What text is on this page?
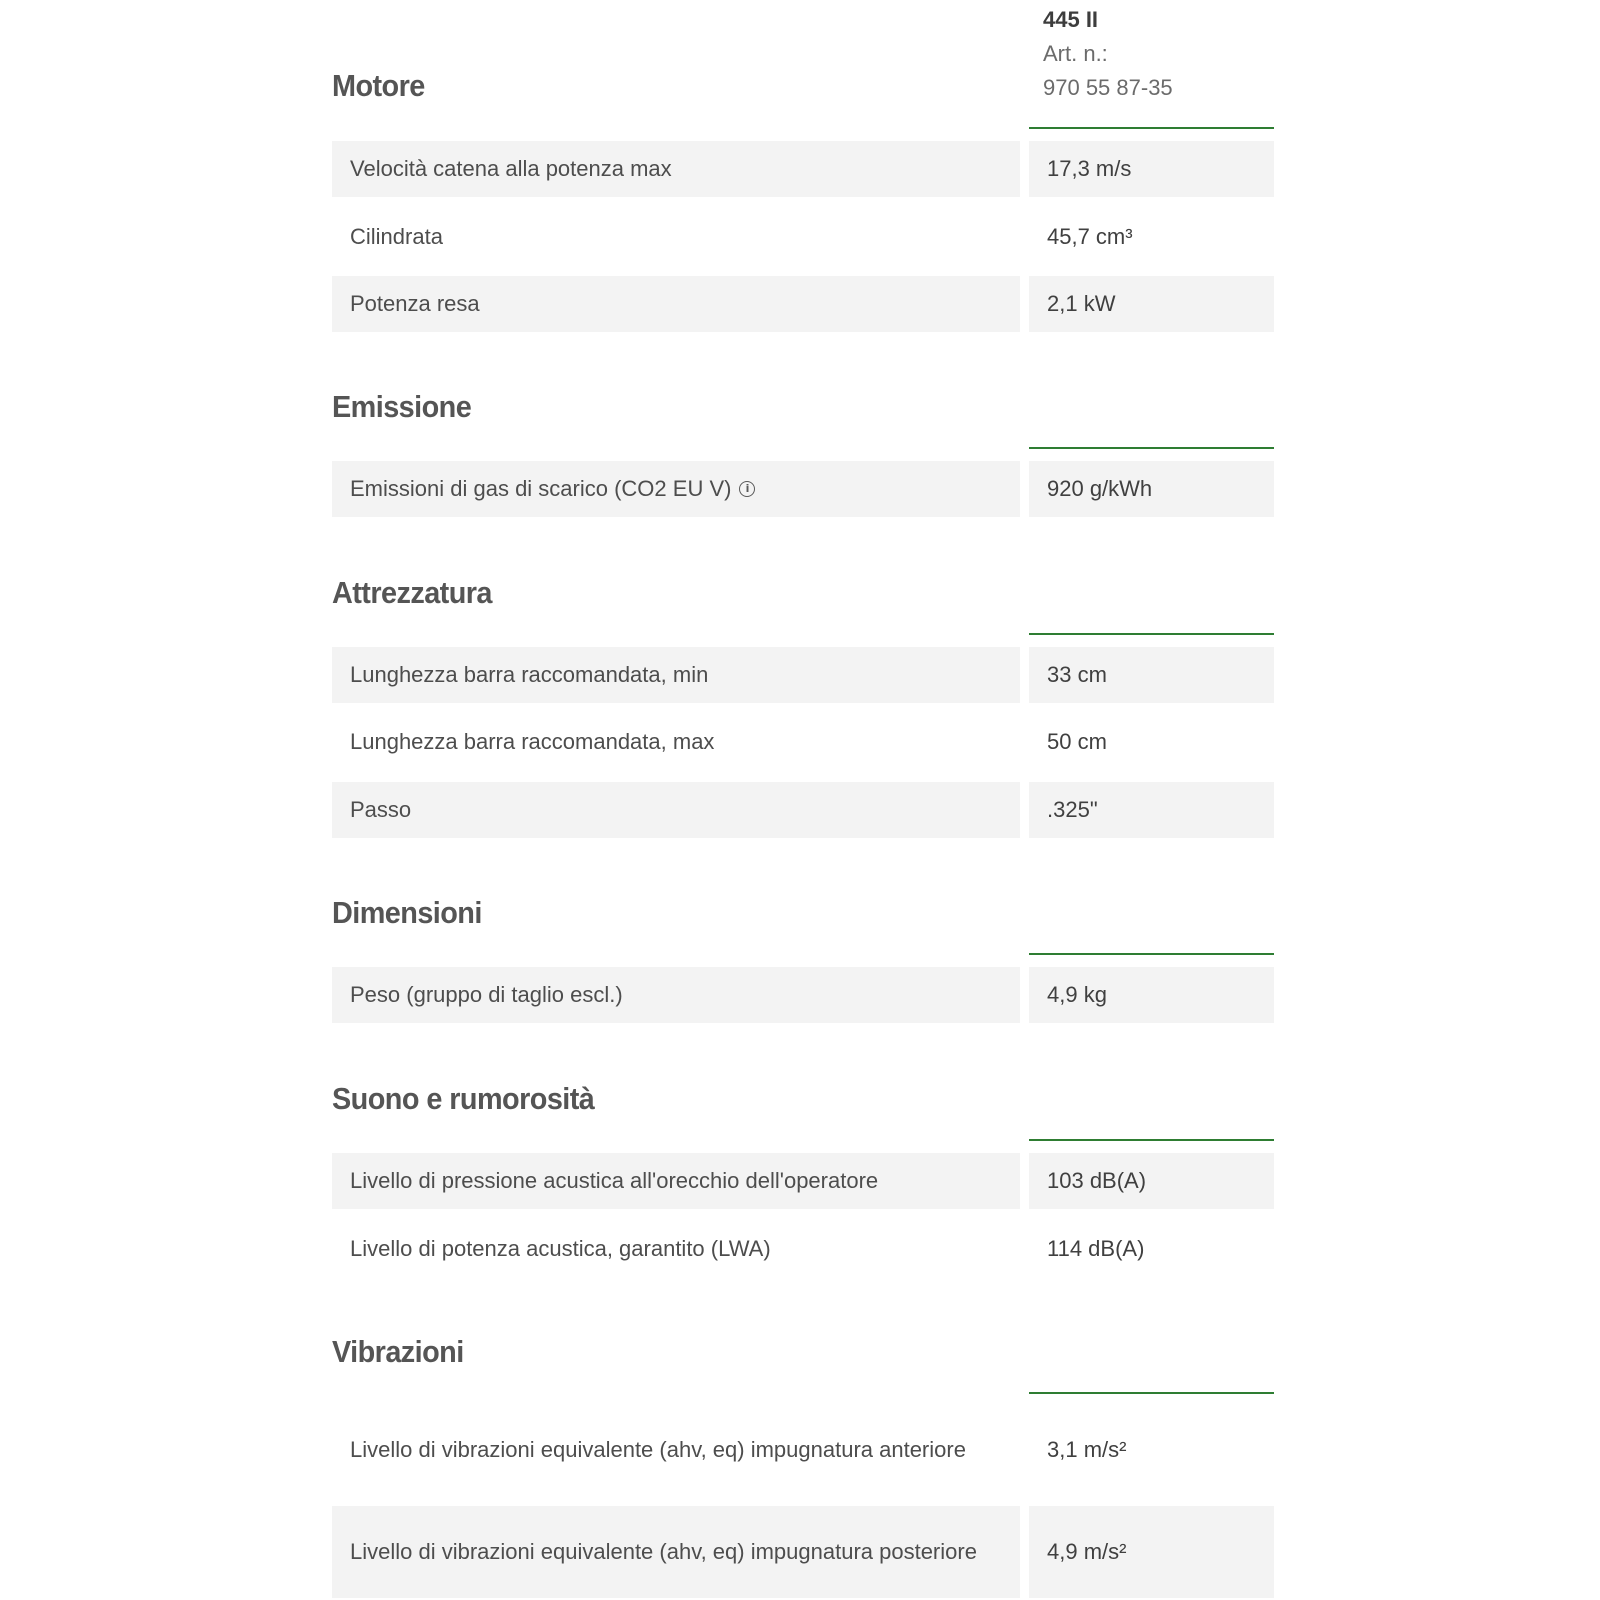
445 II
Art. n.:
970 55 87-35
Motore
Velocità catena alla potenza max	17,3 m/s
Cilindrata	45,7 cm³
Potenza resa	2,1 kW
Emissione
Emissioni di gas di scarico (CO2 EU V)	i	920 g/kWh
Attrezzatura
Lunghezza barra raccomandata, min	33 cm
Lunghezza barra raccomandata, max	50 cm
Passo	.325"
Dimensioni
Peso (gruppo di taglio escl.)	4,9 kg
Suono e rumorosità
Livello di pressione acustica all'orecchio dell'operatore	103 dB(A)
Livello di potenza acustica, garantito (LWA)	114 dB(A)
Vibrazioni
Livello di vibrazioni equivalente (ahv, eq) impugnatura anteriore	3,1 m/s²
Livello di vibrazioni equivalente (ahv, eq) impugnatura posteriore	4,9 m/s²
